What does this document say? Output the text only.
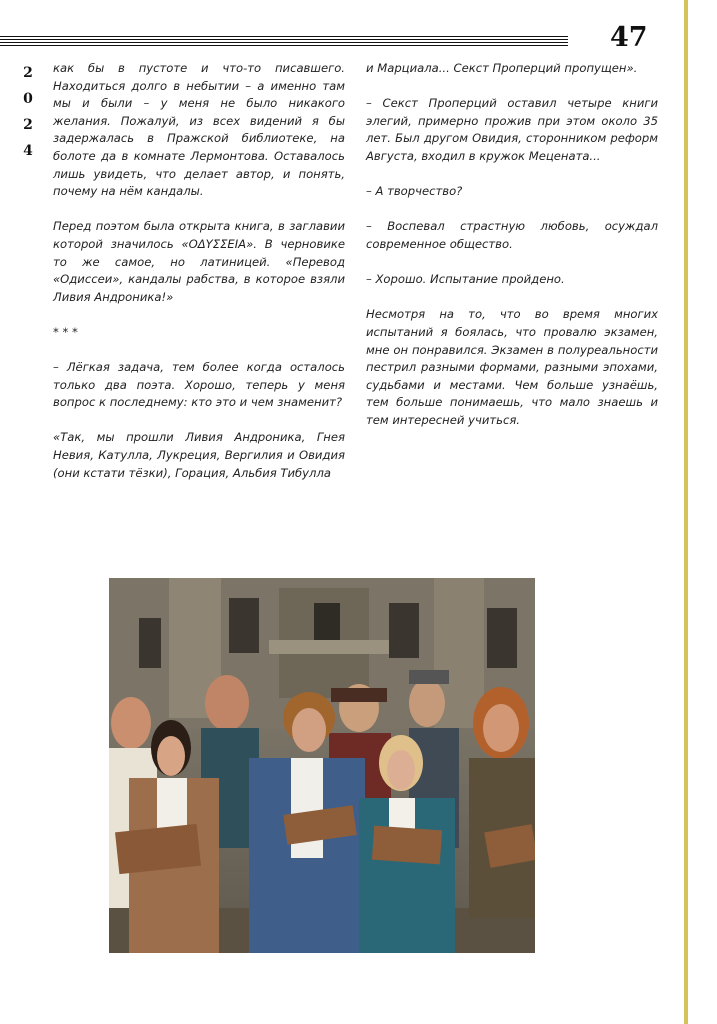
47
2
0
2
4

как бы в пустоте и что-то писавшего. Находиться долго в небытии – а именно там мы и были – у меня не было никакого желания. Пожалуй, из всех видений я бы задержалась в Пражской библиотеке, на болоте да в комнате Лермонтова. Оставалось лишь увидеть, что делает автор, и понять, почему на нём кандалы.

Перед поэтом была открыта книга, в заглавии которой значилось «ΟΔΥΣΣΕΙΑ». В черновике то же самое, но латиницей. «Перевод «Одиссеи», кандалы рабства, в которое взяли Ливия Андроника!»

* * *

– Лёгкая задача, тем более когда осталось только два поэта. Хорошо, теперь у меня вопрос к последнему: кто это и чем знаменит?

«Так, мы прошли Ливия Андроника, Гнея Невия, Катулла, Лукреция, Вергилия и Овидия (они кстати тёзки), Горация, Альбия Тибулла

и Марциала... Секст Проперций пропущен».

– Секст Проперций оставил четыре книги элегий, примерно прожив при этом около 35 лет. Был другом Овидия, сторонником реформ Августа, входил в кружок Мецената...

– А творчество?

– Воспевал страстную любовь, осуждал современное общество.

– Хорошо. Испытание пройдено.

Несмотря на то, что во время многих испытаний я боялась, что провалю экзамен, мне он понравился. Экзамен в полуреальности пестрил разными формами, разными эпохами, судьбами и местами. Чем больше узнаёшь, тем больше понимаешь, что мало знаешь и тем интересней учиться.
